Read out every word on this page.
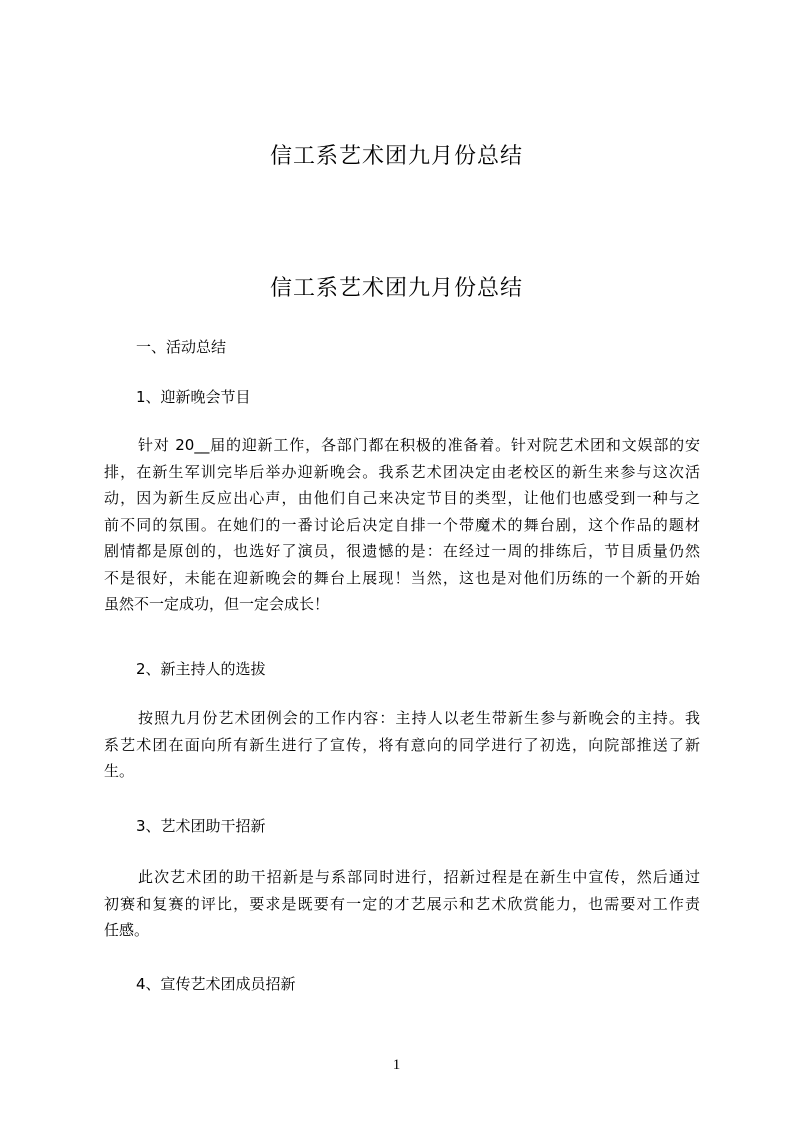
信工系艺术团九月份总结
信工系艺术团九月份总结
一、活动总结
1、迎新晚会节目
针对 20__届的迎新工作，各部门都在积极的准备着。针对院艺术团和文娱部的安
排，在新生军训完毕后举办迎新晚会。我系艺术团决定由老校区的新生来参与这次活
动，因为新生反应出心声，由他们自己来决定节目的类型，让他们也感受到一种与之
前不同的氛围。在她们的一番讨论后决定自排一个带魔术的舞台剧，这个作品的题材
剧情都是原创的，也选好了演员，很遗憾的是：在经过一周的排练后，节目质量仍然
不是很好，未能在迎新晚会的舞台上展现！当然，这也是对他们历练的一个新的开始
虽然不一定成功，但一定会成长！
2、新主持人的选拔
按照九月份艺术团例会的工作内容：主持人以老生带新生参与新晚会的主持。我
系艺术团在面向所有新生进行了宣传，将有意向的同学进行了初选，向院部推送了新
生。
3、艺术团助干招新
此次艺术团的助干招新是与系部同时进行，招新过程是在新生中宣传，然后通过
初赛和复赛的评比，要求是既要有一定的才艺展示和艺术欣赏能力，也需要对工作责
任感。
4、宣传艺术团成员招新
1
